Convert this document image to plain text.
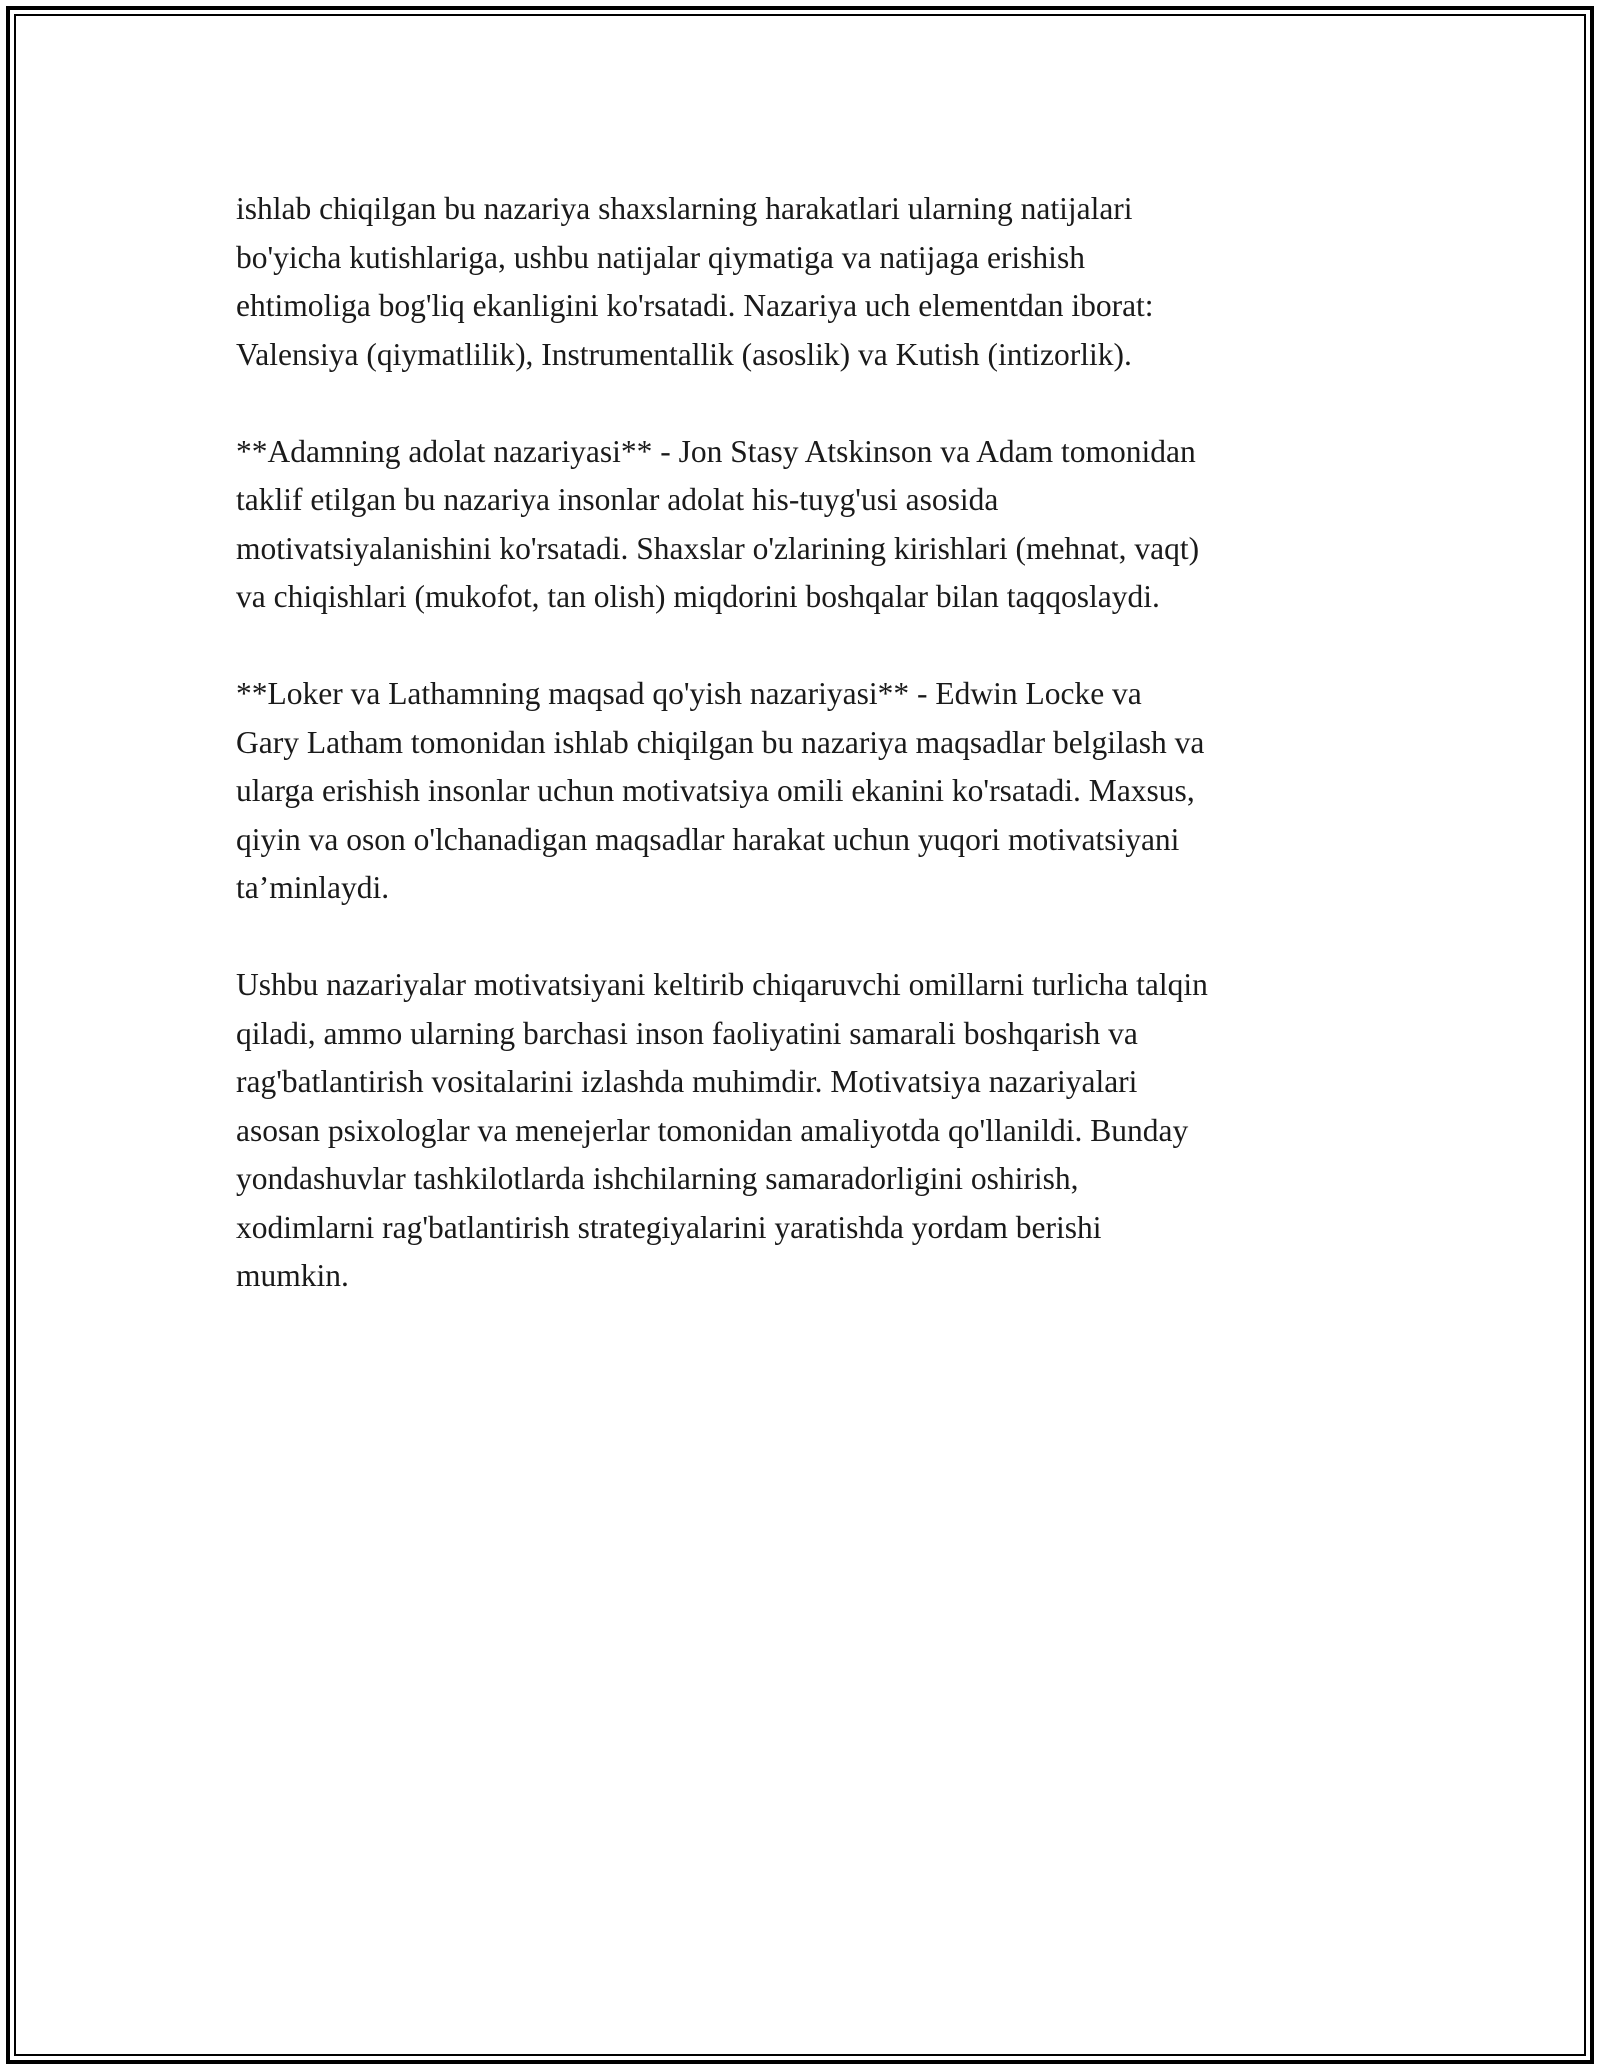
ishlab chiqilgan bu nazariya shaxslarning harakatlari ularning natijalari
bo'yicha kutishlariga, ushbu natijalar qiymatiga va natijaga erishish
ehtimoliga bog'liq ekanligini ko'rsatadi. Nazariya uch elementdan iborat:
Valensiya (qiymatlilik), Instrumentallik (asoslik) va Kutish (intizorlik).

**Adamning adolat nazariyasi** - Jon Stasy Atskinson va Adam tomonidan
taklif etilgan bu nazariya insonlar adolat his-tuyg'usi asosida
motivatsiyalanishini ko'rsatadi. Shaxslar o'zlarining kirishlari (mehnat, vaqt)
va chiqishlari (mukofot, tan olish) miqdorini boshqalar bilan taqqoslaydi.

**Loker va Lathamning maqsad qo'yish nazariyasi** - Edwin Locke va
Gary Latham tomonidan ishlab chiqilgan bu nazariya maqsadlar belgilash va
ularga erishish insonlar uchun motivatsiya omili ekanini ko'rsatadi. Maxsus,
qiyin va oson o'lchanadigan maqsadlar harakat uchun yuqori motivatsiyani
ta’minlaydi.

Ushbu nazariyalar motivatsiyani keltirib chiqaruvchi omillarni turlicha talqin
qiladi, ammo ularning barchasi inson faoliyatini samarali boshqarish va
rag'batlantirish vositalarini izlashda muhimdir. Motivatsiya nazariyalari
asosan psixologlar va menejerlar tomonidan amaliyotda qo'llanildi. Bunday
yondashuvlar tashkilotlarda ishchilarning samaradorligini oshirish,
xodimlarni rag'batlantirish strategiyalarini yaratishda yordam berishi
mumkin.
